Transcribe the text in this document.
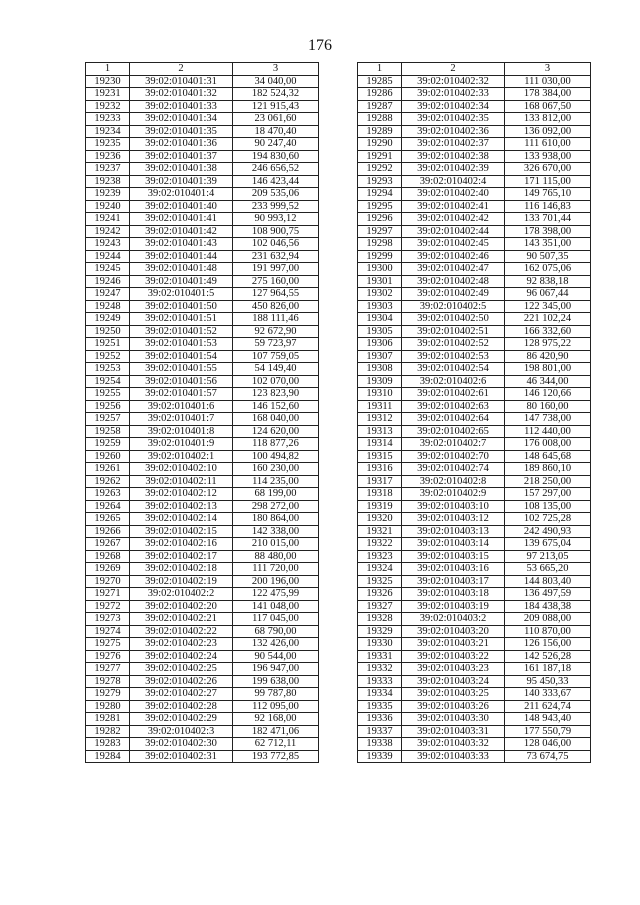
176
1	2	3
19230	39:02:010401:31	34 040,00
19231	39:02:010401:32	182 524,32
19232	39:02:010401:33	121 915,43
19233	39:02:010401:34	23 061,60
19234	39:02:010401:35	18 470,40
19235	39:02:010401:36	90 247,40
19236	39:02:010401:37	194 830,60
19237	39:02:010401:38	246 656,52
19238	39:02:010401:39	146 423,44
19239	39:02:010401:4	209 535,06
19240	39:02:010401:40	233 999,52
19241	39:02:010401:41	90 993,12
19242	39:02:010401:42	108 900,75
19243	39:02:010401:43	102 046,56
19244	39:02:010401:44	231 632,94
19245	39:02:010401:48	191 997,00
19246	39:02:010401:49	275 160,00
19247	39:02:010401:5	127 964,55
19248	39:02:010401:50	450 826,00
19249	39:02:010401:51	188 111,46
19250	39:02:010401:52	92 672,90
19251	39:02:010401:53	59 723,97
19252	39:02:010401:54	107 759,05
19253	39:02:010401:55	54 149,40
19254	39:02:010401:56	102 070,00
19255	39:02:010401:57	123 823,90
19256	39:02:010401:6	146 152,60
19257	39:02:010401:7	168 040,00
19258	39:02:010401:8	124 620,00
19259	39:02:010401:9	118 877,26
19260	39:02:010402:1	100 494,82
19261	39:02:010402:10	160 230,00
19262	39:02:010402:11	114 235,00
19263	39:02:010402:12	68 199,00
19264	39:02:010402:13	298 272,00
19265	39:02:010402:14	180 864,00
19266	39:02:010402:15	142 338,00
19267	39:02:010402:16	210 015,00
19268	39:02:010402:17	88 480,00
19269	39:02:010402:18	111 720,00
19270	39:02:010402:19	200 196,00
19271	39:02:010402:2	122 475,99
19272	39:02:010402:20	141 048,00
19273	39:02:010402:21	117 045,00
19274	39:02:010402:22	68 790,00
19275	39:02:010402:23	132 426,00
19276	39:02:010402:24	90 544,00
19277	39:02:010402:25	196 947,00
19278	39:02:010402:26	199 638,00
19279	39:02:010402:27	99 787,80
19280	39:02:010402:28	112 095,00
19281	39:02:010402:29	92 168,00
19282	39:02:010402:3	182 471,06
19283	39:02:010402:30	62 712,11
19284	39:02:010402:31	193 772,85
1	2	3
19285	39:02:010402:32	111 030,00
19286	39:02:010402:33	178 384,00
19287	39:02:010402:34	168 067,50
19288	39:02:010402:35	133 812,00
19289	39:02:010402:36	136 092,00
19290	39:02:010402:37	111 610,00
19291	39:02:010402:38	133 938,00
19292	39:02:010402:39	326 670,00
19293	39:02:010402:4	171 115,00
19294	39:02:010402:40	149 765,10
19295	39:02:010402:41	116 146,83
19296	39:02:010402:42	133 701,44
19297	39:02:010402:44	178 398,00
19298	39:02:010402:45	143 351,00
19299	39:02:010402:46	90 507,35
19300	39:02:010402:47	162 075,06
19301	39:02:010402:48	92 838,18
19302	39:02:010402:49	96 067,44
19303	39:02:010402:5	122 345,00
19304	39:02:010402:50	221 102,24
19305	39:02:010402:51	166 332,60
19306	39:02:010402:52	128 975,22
19307	39:02:010402:53	86 420,90
19308	39:02:010402:54	198 801,00
19309	39:02:010402:6	46 344,00
19310	39:02:010402:61	146 120,66
19311	39:02:010402:63	80 160,00
19312	39:02:010402:64	147 738,00
19313	39:02:010402:65	112 440,00
19314	39:02:010402:7	176 008,00
19315	39:02:010402:70	148 645,68
19316	39:02:010402:74	189 860,10
19317	39:02:010402:8	218 250,00
19318	39:02:010402:9	157 297,00
19319	39:02:010403:10	108 135,00
19320	39:02:010403:12	102 725,28
19321	39:02:010403:13	242 490,93
19322	39:02:010403:14	139 675,04
19323	39:02:010403:15	97 213,05
19324	39:02:010403:16	53 665,20
19325	39:02:010403:17	144 803,40
19326	39:02:010403:18	136 497,59
19327	39:02:010403:19	184 438,38
19328	39:02:010403:2	209 088,00
19329	39:02:010403:20	110 870,00
19330	39:02:010403:21	126 156,00
19331	39:02:010403:22	142 526,28
19332	39:02:010403:23	161 187,18
19333	39:02:010403:24	95 450,33
19334	39:02:010403:25	140 333,67
19335	39:02:010403:26	211 624,74
19336	39:02:010403:30	148 943,40
19337	39:02:010403:31	177 550,79
19338	39:02:010403:32	128 046,00
19339	39:02:010403:33	73 674,75
